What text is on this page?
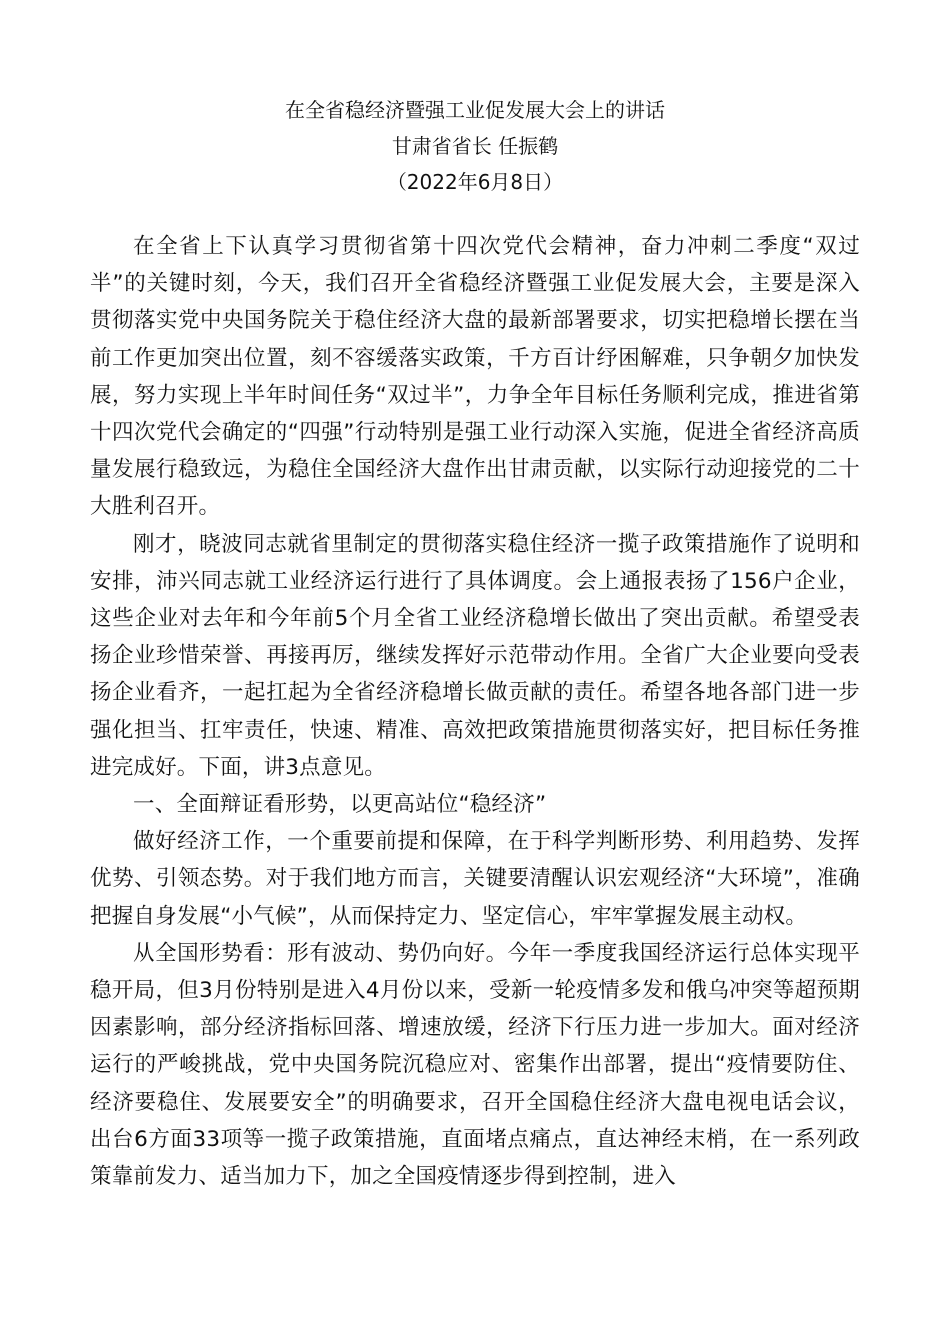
在全省稳经济暨强工业促发展大会上的讲话
甘肃省省长 任振鹤
（2022年6月8日）

在全省上下认真学习贯彻省第十四次党代会精神，奋力冲刺二季度“双过半”的关键时刻，今天，我们召开全省稳经济暨强工业促发展大会，主要是深入贯彻落实党中央国务院关于稳住经济大盘的最新部署要求，切实把稳增长摆在当前工作更加突出位置，刻不容缓落实政策，千方百计纾困解难，只争朝夕加快发展，努力实现上半年时间任务“双过半”，力争全年目标任务顺利完成，推进省第十四次党代会确定的“四强”行动特别是强工业行动深入实施，促进全省经济高质量发展行稳致远，为稳住全国经济大盘作出甘肃贡献，以实际行动迎接党的二十大胜利召开。

刚才，晓波同志就省里制定的贯彻落实稳住经济一揽子政策措施作了说明和安排，沛兴同志就工业经济运行进行了具体调度。会上通报表扬了156户企业，这些企业对去年和今年前5个月全省工业经济稳增长做出了突出贡献。希望受表扬企业珍惜荣誉、再接再厉，继续发挥好示范带动作用。全省广大企业要向受表扬企业看齐，一起扛起为全省经济稳增长做贡献的责任。希望各地各部门进一步强化担当、扛牢责任，快速、精准、高效把政策措施贯彻落实好，把目标任务推进完成好。下面，讲3点意见。

一、全面辩证看形势，以更高站位“稳经济”

做好经济工作，一个重要前提和保障，在于科学判断形势、利用趋势、发挥优势、引领态势。对于我们地方而言，关键要清醒认识宏观经济“大环境”，准确把握自身发展“小气候”，从而保持定力、坚定信心，牢牢掌握发展主动权。

从全国形势看：形有波动、势仍向好。今年一季度我国经济运行总体实现平稳开局，但3月份特别是进入4月份以来，受新一轮疫情多发和俄乌冲突等超预期因素影响，部分经济指标回落、增速放缓，经济下行压力进一步加大。面对经济运行的严峻挑战，党中央国务院沉稳应对、密集作出部署，提出“疫情要防住、经济要稳住、发展要安全”的明确要求，召开全国稳住经济大盘电视电话会议，出台6方面33项等一揽子政策措施，直面堵点痛点，直达神经末梢，在一系列政策靠前发力、适当加力下，加之全国疫情逐步得到控制，进入
